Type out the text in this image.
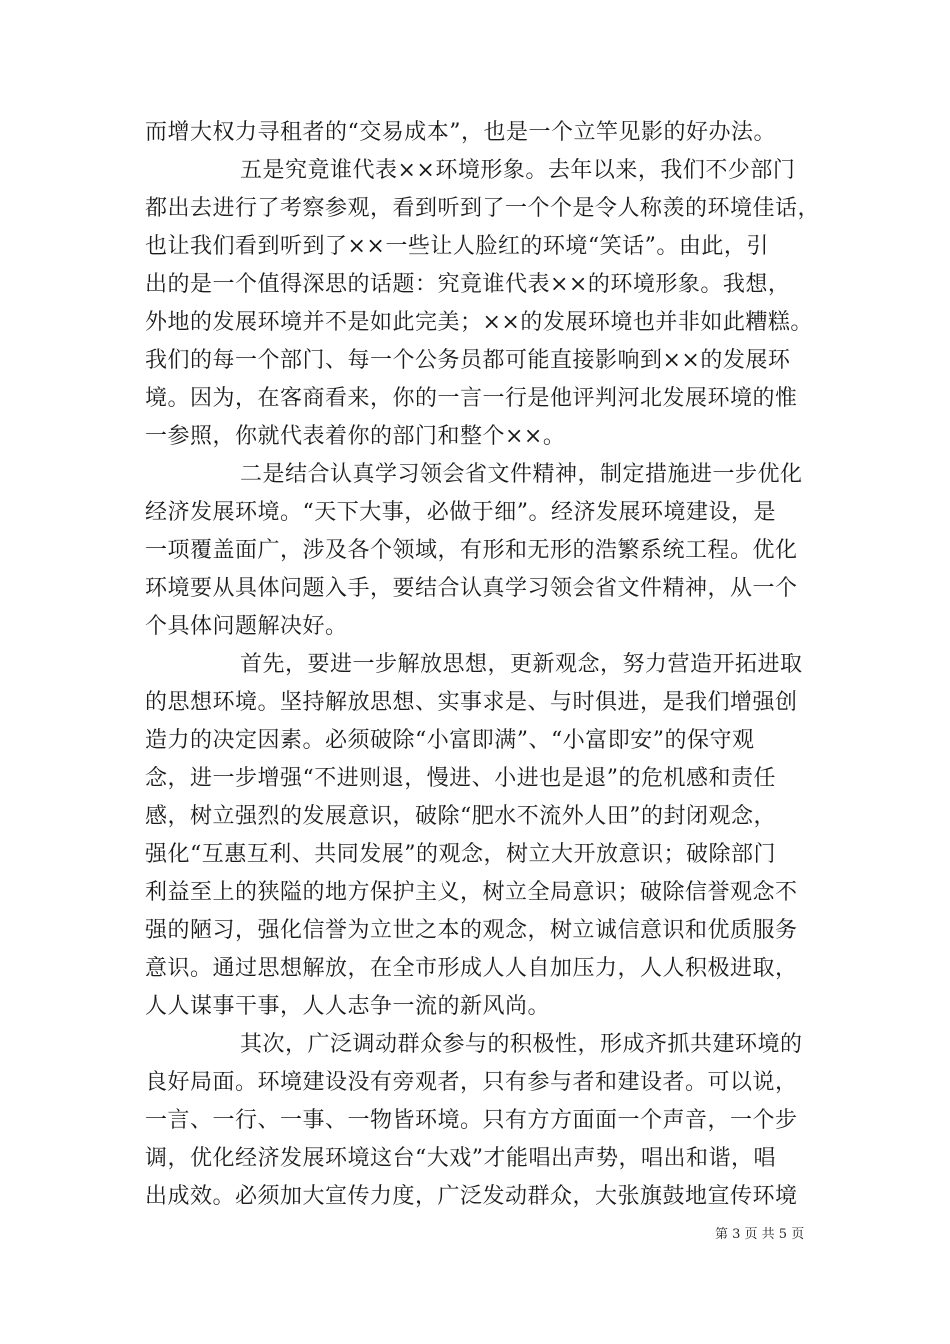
而增大权力寻租者的“交易成本”，也是一个立竿见影的好办法。
五是究竟谁代表××环境形象。去年以来，我们不少部门
都出去进行了考察参观，看到听到了一个个是令人称羡的环境佳话，
也让我们看到听到了××一些让人脸红的环境“笑话”。由此，引
出的是一个值得深思的话题：究竟谁代表××的环境形象。我想，
外地的发展环境并不是如此完美；××的发展环境也并非如此糟糕。
我们的每一个部门、每一个公务员都可能直接影响到××的发展环
境。因为，在客商看来，你的一言一行是他评判河北发展环境的惟
一参照，你就代表着你的部门和整个××。
二是结合认真学习领会省文件精神，制定措施进一步优化
经济发展环境。“天下大事，必做于细”。经济发展环境建设，是
一项覆盖面广，涉及各个领域，有形和无形的浩繁系统工程。优化
环境要从具体问题入手，要结合认真学习领会省文件精神，从一个
个具体问题解决好。
首先，要进一步解放思想，更新观念，努力营造开拓进取
的思想环境。坚持解放思想、实事求是、与时俱进，是我们增强创
造力的决定因素。必须破除“小富即满”、“小富即安”的保守观
念，进一步增强“不进则退，慢进、小进也是退”的危机感和责任
感，树立强烈的发展意识，破除“肥水不流外人田”的封闭观念，
强化“互惠互利、共同发展”的观念，树立大开放意识；破除部门
利益至上的狭隘的地方保护主义，树立全局意识；破除信誉观念不
强的陋习，强化信誉为立世之本的观念，树立诚信意识和优质服务
意识。通过思想解放，在全市形成人人自加压力，人人积极进取，
人人谋事干事，人人志争一流的新风尚。
其次，广泛调动群众参与的积极性，形成齐抓共建环境的
良好局面。环境建设没有旁观者，只有参与者和建设者。可以说，
一言、一行、一事、一物皆环境。只有方方面面一个声音，一个步
调，优化经济发展环境这台“大戏”才能唱出声势，唱出和谐，唱
出成效。必须加大宣传力度，广泛发动群众，大张旗鼓地宣传环境
第 3 页 共 5 页
